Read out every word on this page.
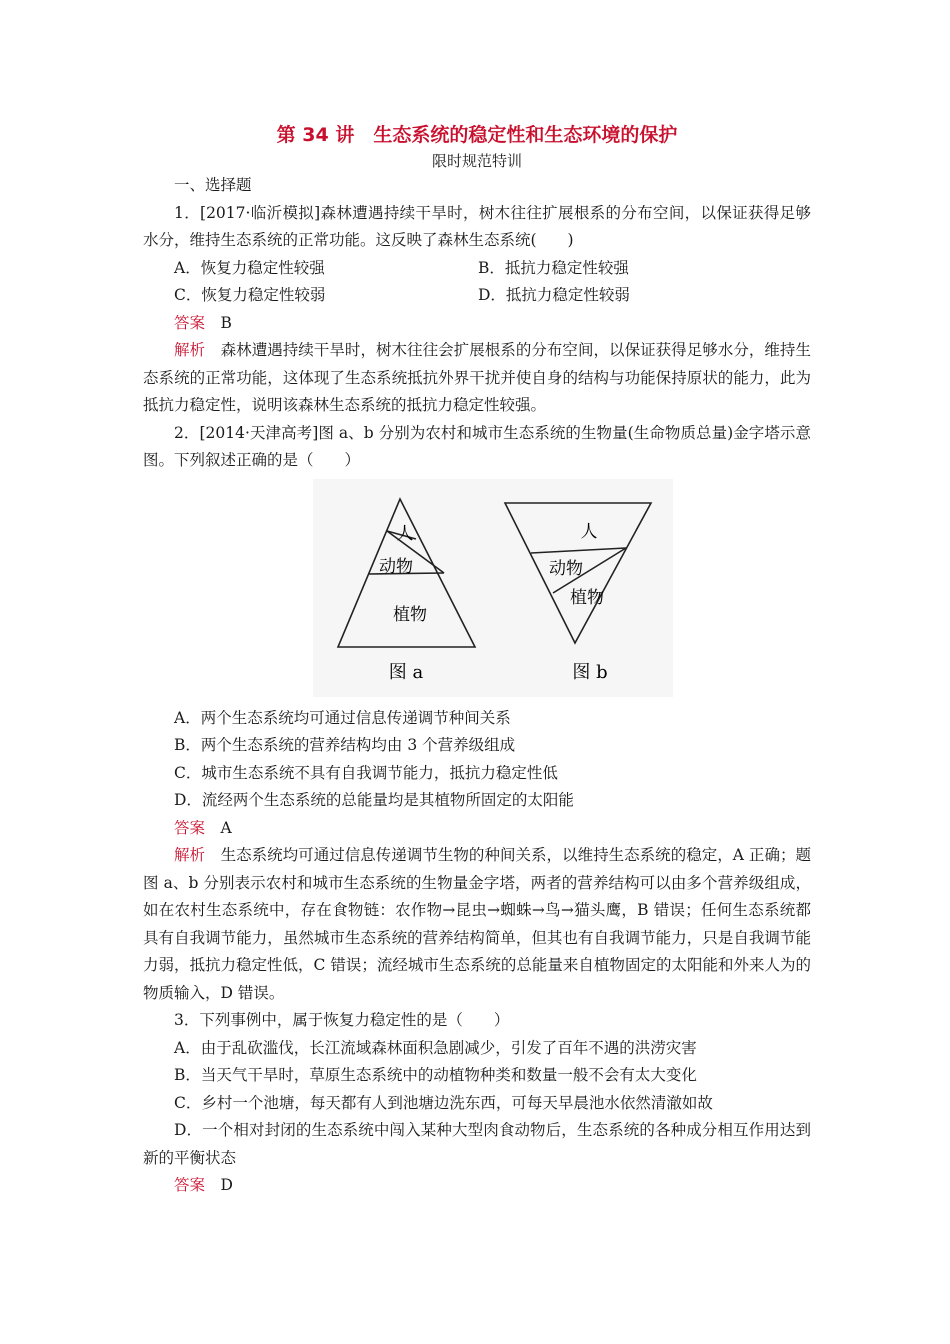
第 34 讲　生态系统的稳定性和生态环境的保护
限时规范特训
一、选择题
1．[2017·临沂模拟]森林遭遇持续干旱时，树木往往扩展根系的分布空间，以保证获得足够水分，维持生态系统的正常功能。这反映了森林生态系统(　　)
A．恢复力稳定性较强	B．抵抗力稳定性较强
C．恢复力稳定性较弱	D．抵抗力稳定性较弱
答案　 B
解析　 森林遭遇持续干旱时，树木往往会扩展根系的分布空间，以保证获得足够水分，维持生态系统的正常功能，这体现了生态系统抵抗外界干扰并使自身的结构与功能保持原状的能力，此为抵抗力稳定性，说明该森林生态系统的抵抗力稳定性较强。
2．[2014·天津高考]图 a、b 分别为农村和城市生态系统的生物量(生命物质总量)金字塔示意图。下列叙述正确的是（　　）
人
动物
植物
图 a
人
动物
植物
图 b
A．两个生态系统均可通过信息传递调节种间关系
B．两个生态系统的营养结构均由 3 个营养级组成
C．城市生态系统不具有自我调节能力，抵抗力稳定性低
D．流经两个生态系统的总能量均是其植物所固定的太阳能
答案　 A
解析　 生态系统均可通过信息传递调节生物的种间关系，以维持生态系统的稳定，A 正确；题图 a、b 分别表示农村和城市生态系统的生物量金字塔，两者的营养结构可以由多个营养级组成，如在农村生态系统中，存在食物链：农作物→昆虫→蜘蛛→鸟→猫头鹰，B 错误；任何生态系统都具有自我调节能力，虽然城市生态系统的营养结构简单，但其也有自我调节能力，只是自我调节能力弱，抵抗力稳定性低，C 错误；流经城市生态系统的总能量来自植物固定的太阳能和外来人为的物质输入，D 错误。
3．下列事例中，属于恢复力稳定性的是（　　）
A．由于乱砍滥伐，长江流域森林面积急剧减少，引发了百年不遇的洪涝灾害
B．当天气干旱时，草原生态系统中的动植物种类和数量一般不会有太大变化
C．乡村一个池塘，每天都有人到池塘边洗东西，可每天早晨池水依然清澈如故
D．一个相对封闭的生态系统中闯入某种大型肉食动物后，生态系统的各种成分相互作用达到新的平衡状态
答案　 D
